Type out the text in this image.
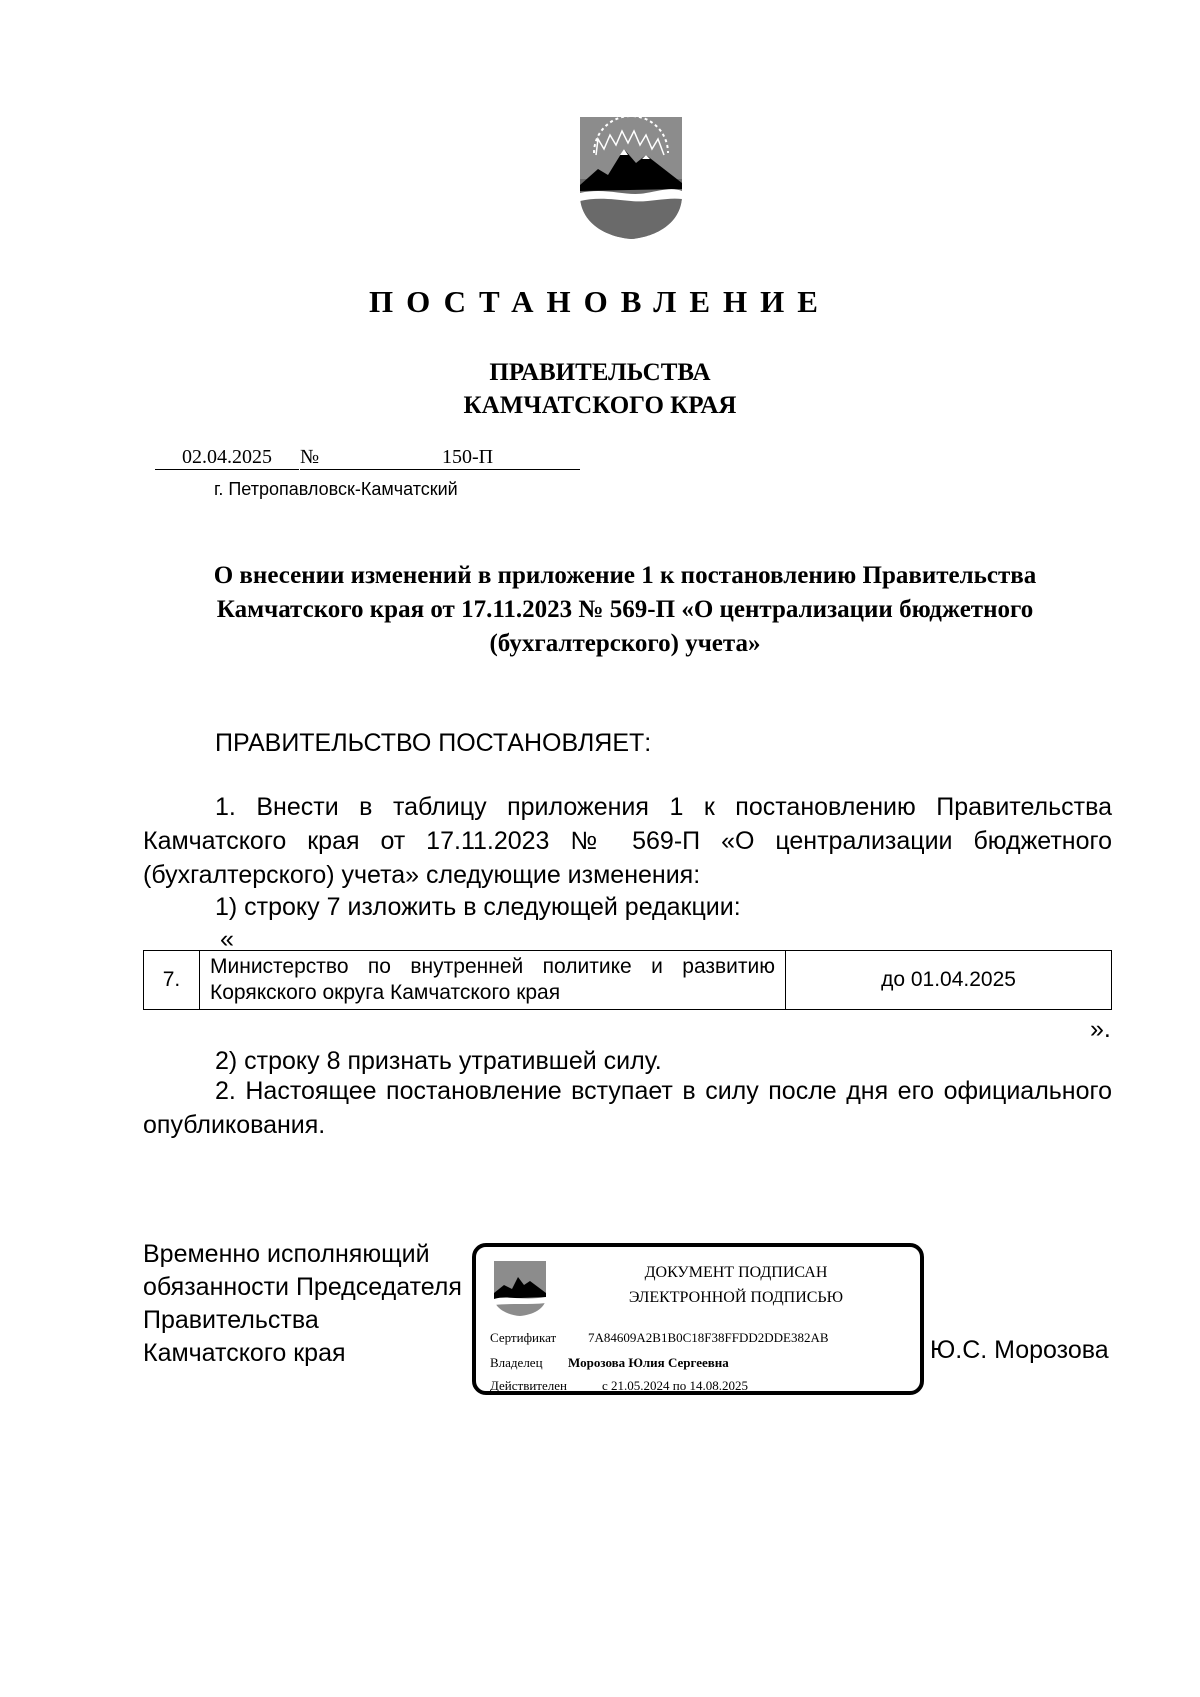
ПОСТАНОВЛЕНИЕ
ПРАВИТЕЛЬСТВА
КАМЧАТСКОГО КРАЯ
02.04.2025	№	150-П
г. Петропавловск-Камчатский
О внесении изменений в приложение 1 к постановлению Правительства Камчатского края от 17.11.2023 № 569-П «О централизации бюджетного (бухгалтерского) учета»
ПРАВИТЕЛЬСТВО ПОСТАНОВЛЯЕТ:
1. Внести в таблицу приложения 1 к постановлению Правительства Камчатского края от 17.11.2023 № 569-П «О централизации бюджетного (бухгалтерского) учета» следующие изменения:
1) строку 7 изложить в следующей редакции:
«
7.	Министерство по внутренней политике и развитию Корякского округа Камчатского края	до 01.04.2025
».
2) строку 8 признать утратившей силу.
2. Настоящее постановление вступает в силу после дня его официального опубликования.
Временно исполняющий
обязанности Председателя
Правительства
Камчатского края
ДОКУМЕНТ ПОДПИСАН
ЭЛЕКТРОННОЙ ПОДПИСЬЮ
Сертификат 7A84609A2B1B0C18F38FFDD2DDE382AB
Владелец Морозова Юлия Сергеевна
Действителен	с 21.05.2024 по 14.08.2025
Ю.С. Морозова
